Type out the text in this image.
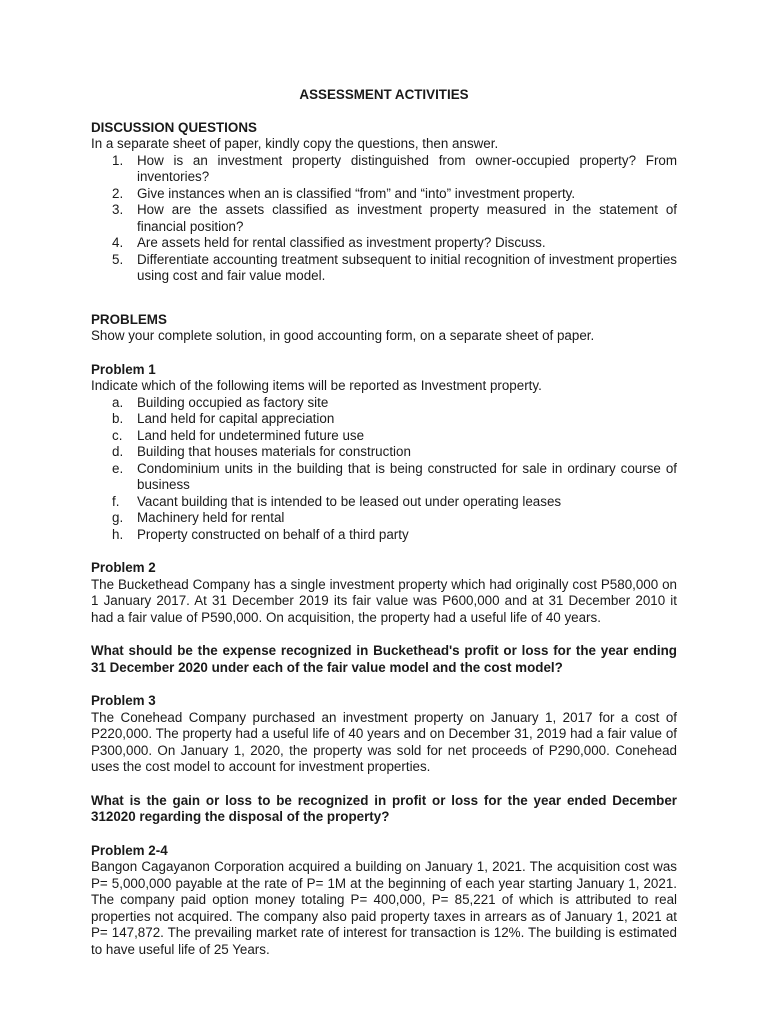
ASSESSMENT ACTIVITIES

DISCUSSION QUESTIONS

In a separate sheet of paper, kindly copy the questions, then answer.

1. How is an investment property distinguished from owner-occupied property? From inventories?
2. Give instances when an is classified “from” and “into” investment property.
3. How are the assets classified as investment property measured in the statement of financial position?
4. Are assets held for rental classified as investment property? Discuss.
5. Differentiate accounting treatment subsequent to initial recognition of investment properties using cost and fair value model.

PROBLEMS

Show your complete solution, in good accounting form, on a separate sheet of paper.

Problem 1

Indicate which of the following items will be reported as Investment property.

a. Building occupied as factory site
b. Land held for capital appreciation
c. Land held for undetermined future use
d. Building that houses materials for construction
e. Condominium units in the building that is being constructed for sale in ordinary course of business
f. Vacant building that is intended to be leased out under operating leases
g. Machinery held for rental
h. Property constructed on behalf of a third party

Problem 2

The Buckethead Company has a single investment property which had originally cost P580,000 on 1 January 2017. At 31 December 2019 its fair value was P600,000 and at 31 December 2010 it had a fair value of P590,000. On acquisition, the property had a useful life of 40 years.

What should be the expense recognized in Buckethead's profit or loss for the year ending 31 December 2020 under each of the fair value model and the cost model?

Problem 3

The Conehead Company purchased an investment property on January 1, 2017 for a cost of P220,000. The property had a useful life of 40 years and on December 31, 2019 had a fair value of P300,000. On January 1, 2020, the property was sold for net proceeds of P290,000. Conehead uses the cost model to account for investment properties.

What is the gain or loss to be recognized in profit or loss for the year ended December 312020 regarding the disposal of the property?

Problem 2-4

Bangon Cagayanon Corporation acquired a building on January 1, 2021. The acquisition cost was P= 5,000,000 payable at the rate of P= 1M at the beginning of each year starting January 1, 2021. The company paid option money totaling P= 400,000, P= 85,221 of which is attributed to real properties not acquired. The company also paid property taxes in arrears as of January 1, 2021 at P= 147,872. The prevailing market rate of interest for transaction is 12%. The building is estimated to have useful life of 25 Years.
